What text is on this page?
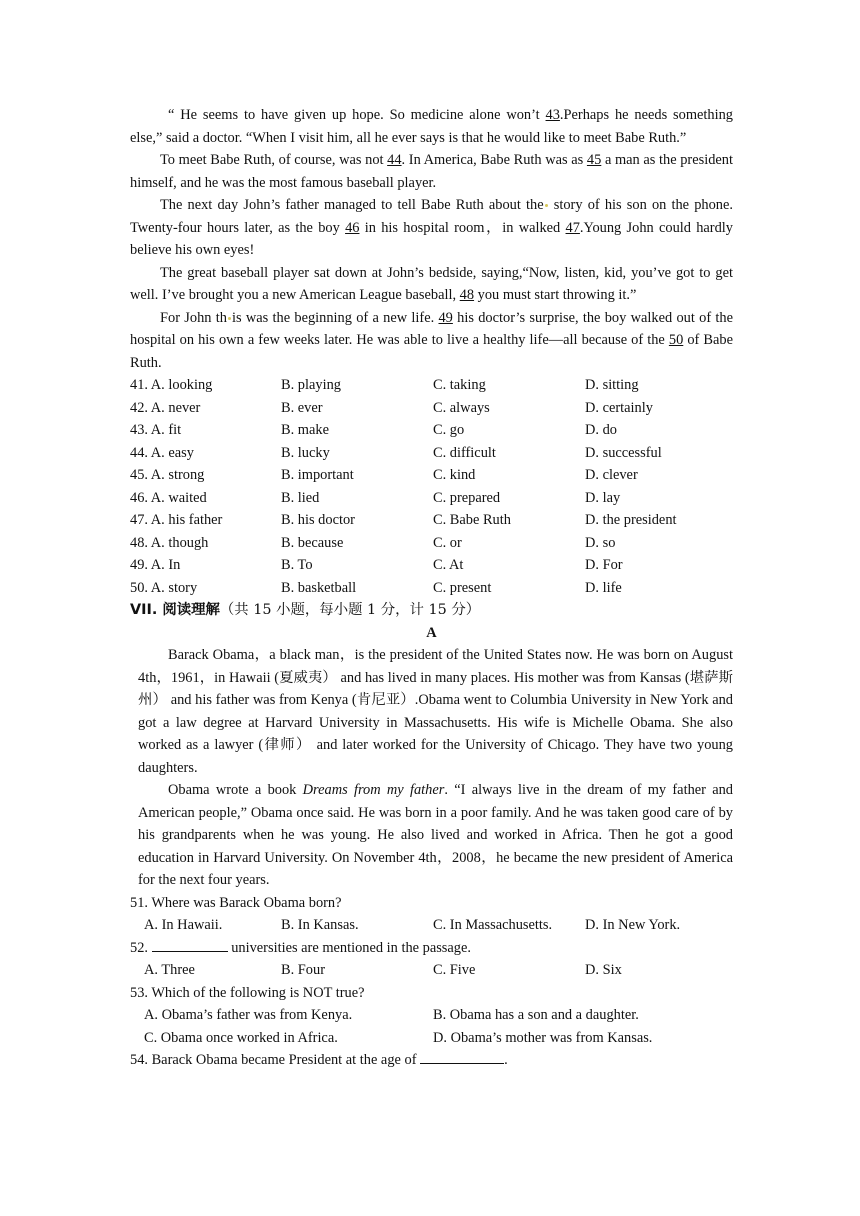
“ He seems to have given up hope. So medicine alone won’t 43.Perhaps he needs something else,” said a doctor. “When I visit him, all he ever says is that he would like to meet Babe Ruth.”

To meet Babe Ruth, of course, was not 44. In America, Babe Ruth was as 45 a man as the president himself, and he was the most famous baseball player.

The next day John’s father managed to tell Babe Ruth about the story of his son on the phone. Twenty-four hours later, as the boy 46 in his hospital room，in walked 47.Young John could hardly believe his own eyes!

The great baseball player sat down at John’s bedside, saying,“Now, listen, kid, you’ve got to get well. I’ve brought you a new American League baseball, 48 you must start throwing it.”

For John th is was the beginning of a new life. 49 his doctor’s surprise, the boy walked out of the hospital on his own a few weeks later. He was able to live a healthy life—all because of the 50 of Babe Ruth.

41. A. looking	B. playing	C. taking	D. sitting
42. A. never	B. ever	C. always	D. certainly
43. A. fit	B. make	C. go	D. do
44. A. easy	B. lucky	C. difficult	D. successful
45. A. strong	B. important	C. kind	D. clever
46. A. waited	B. lied	C. prepared	D. lay
47. A. his father	B. his doctor	C. Babe Ruth	D. the president
48. A. though	B. because	C. or	D. so
49. A. In	B. To	C. At	D. For
50. A. story	B. basketball	C. present	D. life

VII. 阅读理解（共 15 小题，每小题 1 分，计 15 分）

A

Barack Obama，a black man，is the president of the United States now. He was born on August 4th，1961，in Hawaii (夏威夷） and has lived in many places. His mother was from Kansas (堪萨斯州） and his father was from Kenya (肯尼亚）.Obama went to Columbia University in New York and got a law degree at Harvard University in Massachusetts. His wife is Michelle Obama. She also worked as a lawyer (律师） and later worked for the University of Chicago. They have two young daughters.

Obama wrote a book Dreams from my father. “I always live in the dream of my father and American people,” Obama once said. He was born in a poor family. And he was taken good care of by his grandparents when he was young. He also lived and worked in Africa. Then he got a good education in Harvard University. On November 4th，2008，he became the new president of America for the next four years.

51. Where was Barack Obama born?

A. In Hawaii.	B. In Kansas.	C. In Massachusetts.	D. In New York.

52.	universities are mentioned in the passage.

A. Three	B. Four	C. Five	D. Six

53. Which of the following is NOT true?

A. Obama’s father was from Kenya.	B. Obama has a son and a daughter.
C. Obama once worked in Africa.	D. Obama’s mother was from Kansas.

54. Barack Obama became President at the age of	.
